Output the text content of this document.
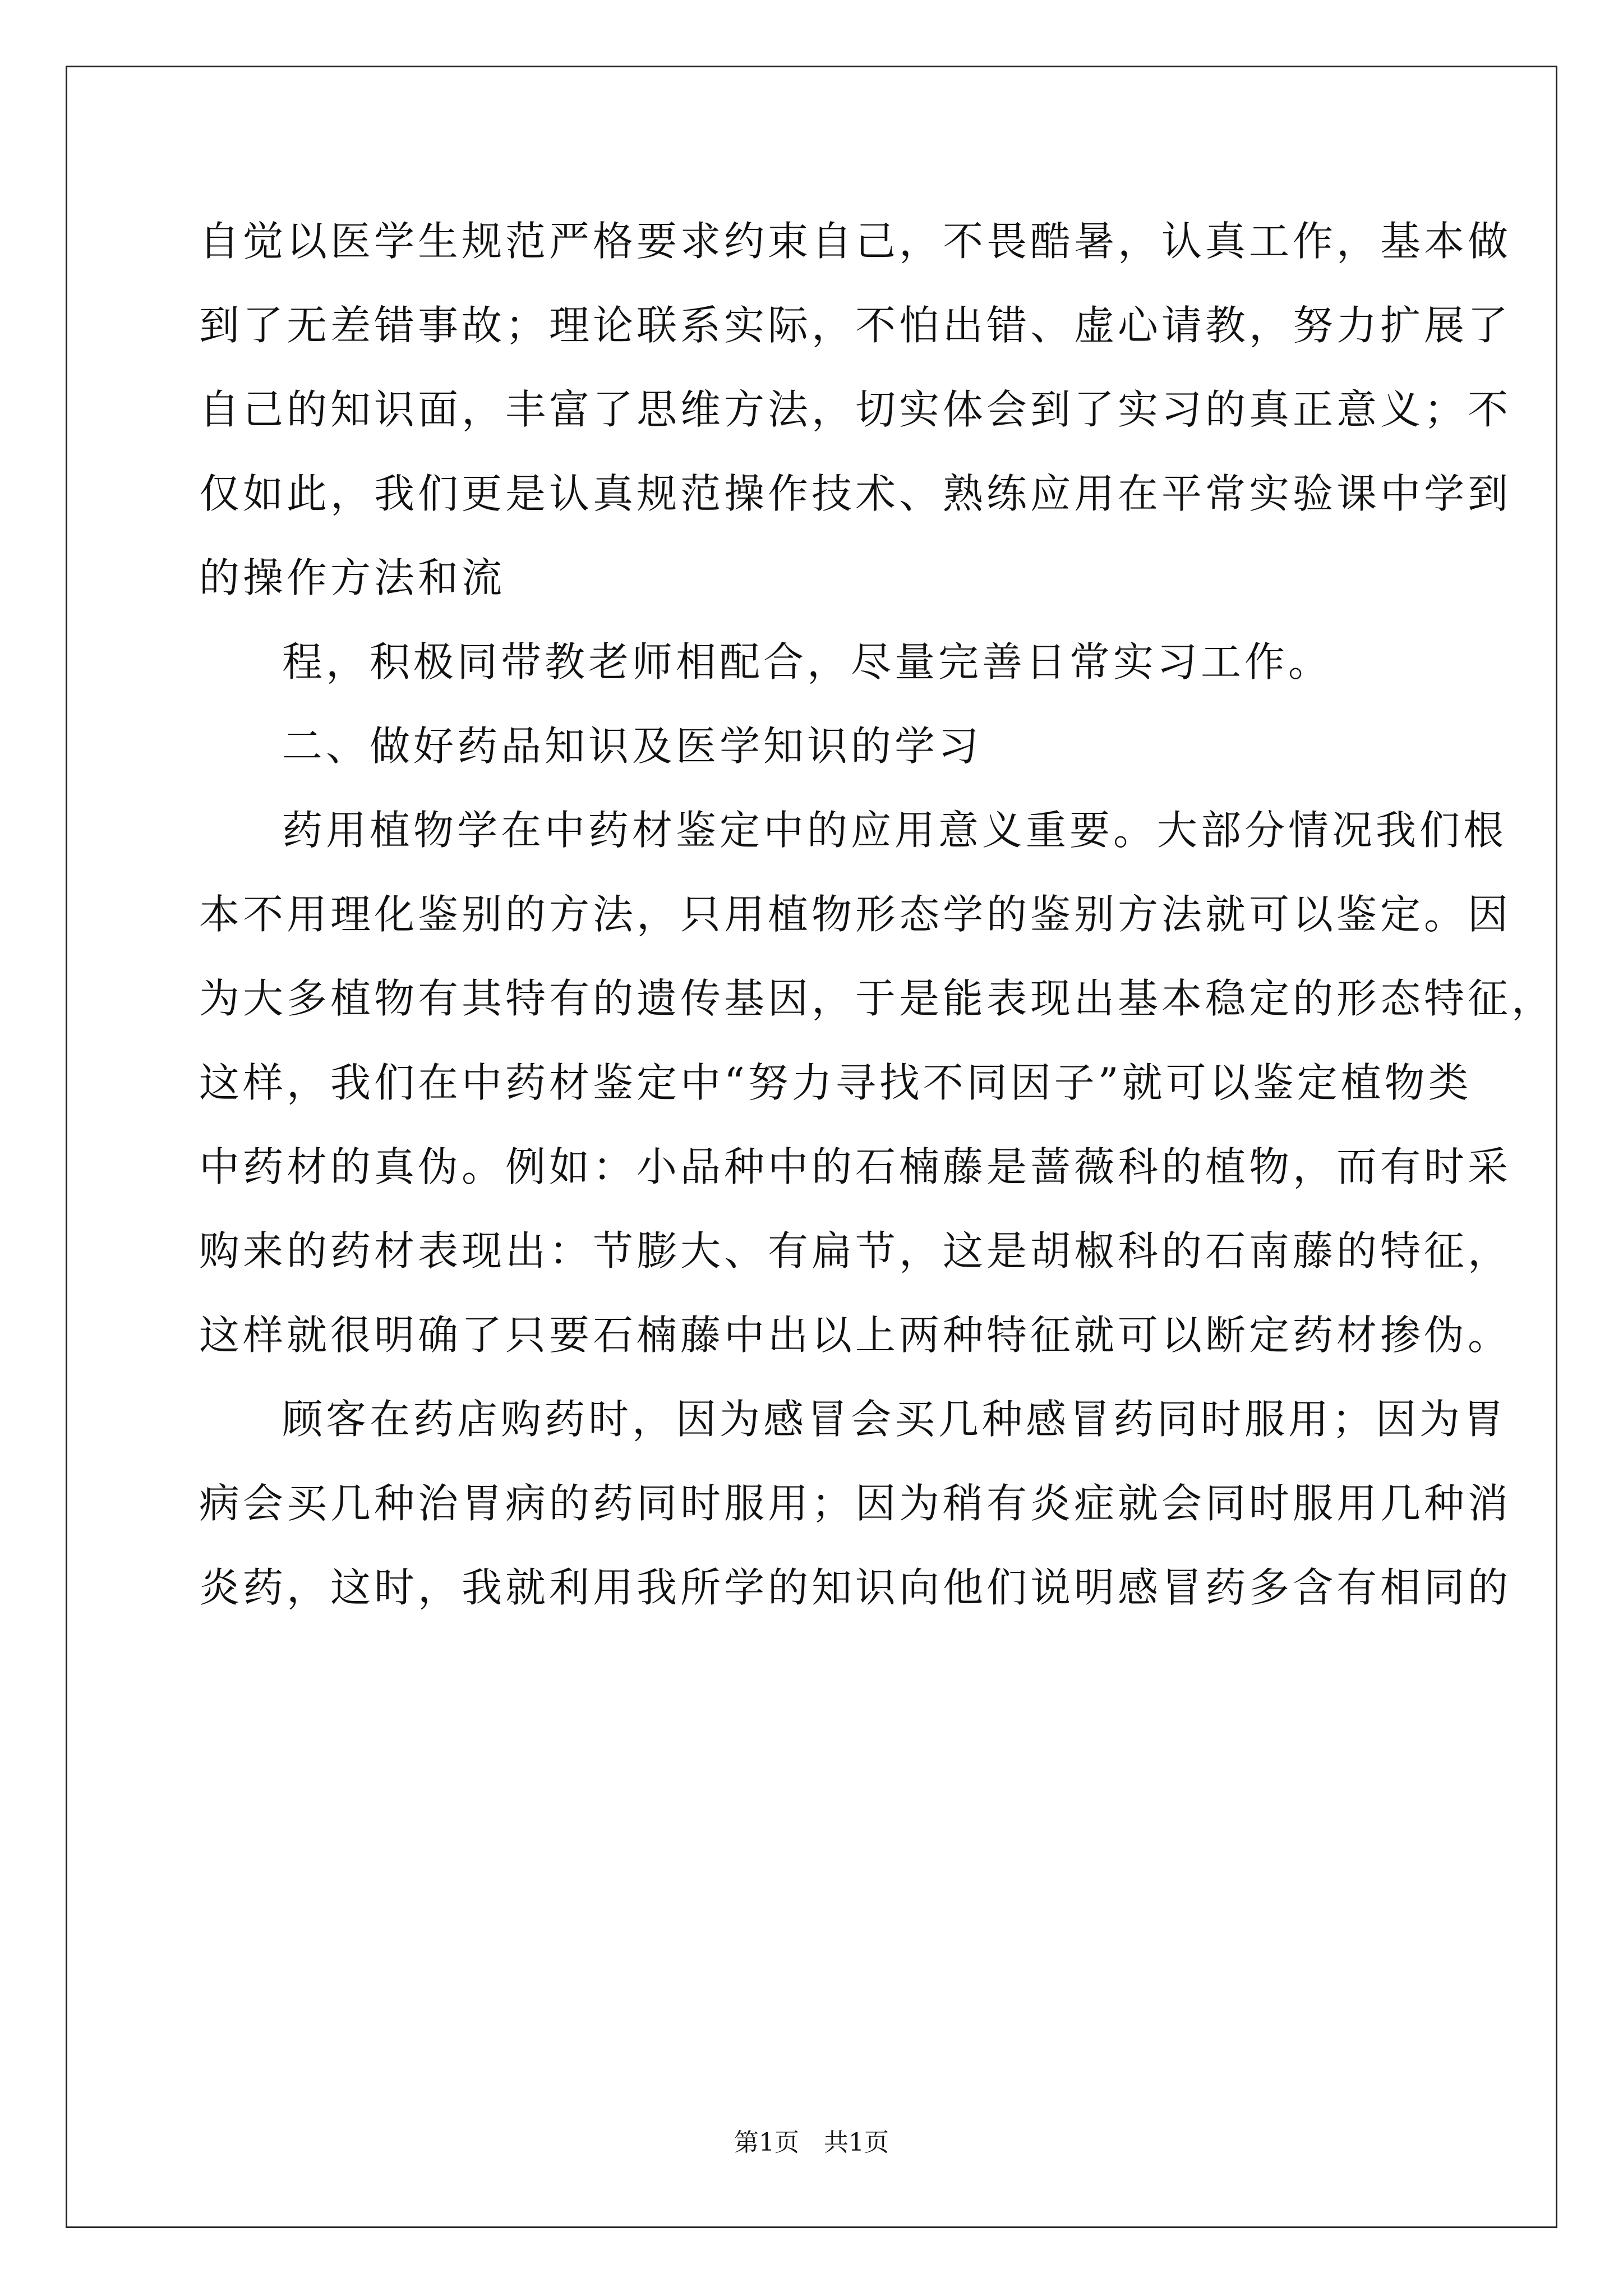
自觉以医学生规范严格要求约束自己，不畏酷暑，认真工作，基本做
到了无差错事故；理论联系实际，不怕出错、虚心请教，努力扩展了
自己的知识面，丰富了思维方法，切实体会到了实习的真正意义；不
仅如此，我们更是认真规范操作技术、熟练应用在平常实验课中学到
的操作方法和流
程，积极同带教老师相配合，尽量完善日常实习工作。
二、做好药品知识及医学知识的学习
药用植物学在中药材鉴定中的应用意义重要。大部分情况我们根
本不用理化鉴别的方法，只用植物形态学的鉴别方法就可以鉴定。因
为大多植物有其特有的遗传基因，于是能表现出基本稳定的形态特征，
这样，我们在中药材鉴定中“努力寻找不同因子”就可以鉴定植物类
中药材的真伪。例如：小品种中的石楠藤是蔷薇科的植物，而有时采
购来的药材表现出：节膨大、有扁节，这是胡椒科的石南藤的特征，
这样就很明确了只要石楠藤中出以上两种特征就可以断定药材掺伪。
顾客在药店购药时，因为感冒会买几种感冒药同时服用；因为胃
病会买几种治胃病的药同时服用；因为稍有炎症就会同时服用几种消
炎药，这时，我就利用我所学的知识向他们说明感冒药多含有相同的
第1页　共1页
